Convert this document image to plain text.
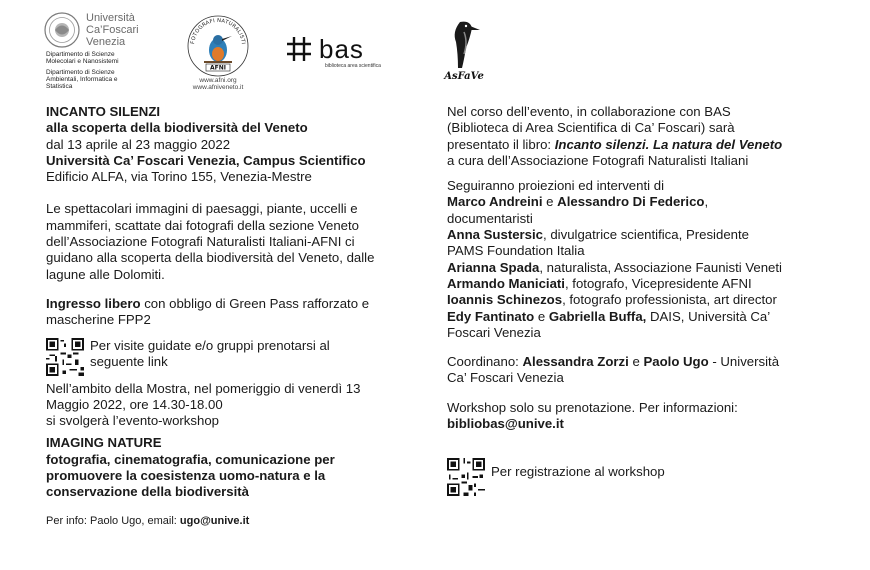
Università
Ca’Foscari
Venezia
Dipartimento di Scienze
Molecolari e Nanosistemi
Dipartimento di Scienze
Ambientali, Informatica e
Statistica
FOTOGRAFI NATURALISTI
AFNI
www.afni.org
www.afniveneto.it
bas
biblioteca area scientifica
AsFaVe

INCANTO SILENZI

alla scoperta della biodiversità del Veneto

dal 13 aprile al 23 maggio 2022

Università Ca’ Foscari Venezia, Campus Scientifico

Edificio ALFA, via Torino 155, Venezia-Mestre

Le spettacolari immagini di paesaggi, piante, uccelli e

mammiferi, scattate dai fotografi della sezione Veneto

dell’Associazione Fotografi Naturalisti Italiani-AFNI ci

guidano alla scoperta della biodiversità del Veneto, dalle

lagune alle Dolomiti.

Ingresso libero con obbligo di Green Pass rafforzato e

mascherine FPP2

Per visite guidate e/o gruppi prenotarsi al

seguente link

Nell’ambito della Mostra, nel pomeriggio di venerdì 13

Maggio 2022, ore 14.30-18.00

si svolgerà l’evento-workshop

IMAGING NATURE

fotografia, cinematografia, comunicazione per

promuovere la coesistenza uomo-natura e la

conservazione della biodiversità

Per info: Paolo Ugo, email: ugo@unive.it

Nel corso dell’evento, in collaborazione con BAS

(Biblioteca di Area Scientifica di Ca’ Foscari) sarà

presentato il libro: Incanto silenzi. La natura del Veneto

a cura dell’Associazione Fotografi Naturalisti Italiani

Seguiranno proiezioni ed interventi di

Marco Andreini e Alessandro Di Federico,

documentaristi

Anna Sustersic, divulgatrice scientifica, Presidente

PAMS Foundation Italia

Arianna Spada, naturalista, Associazione Faunisti Veneti

Armando Maniciati, fotografo, Vicepresidente AFNI

Ioannis Schinezos, fotografo professionista, art director

Edy Fantinato e Gabriella Buffa, DAIS, Università Ca’

Foscari Venezia

Coordinano: Alessandra Zorzi e Paolo Ugo - Università

Ca’ Foscari Venezia

Workshop solo su prenotazione. Per informazioni:

bibliobas@unive.it

Per registrazione al workshop
